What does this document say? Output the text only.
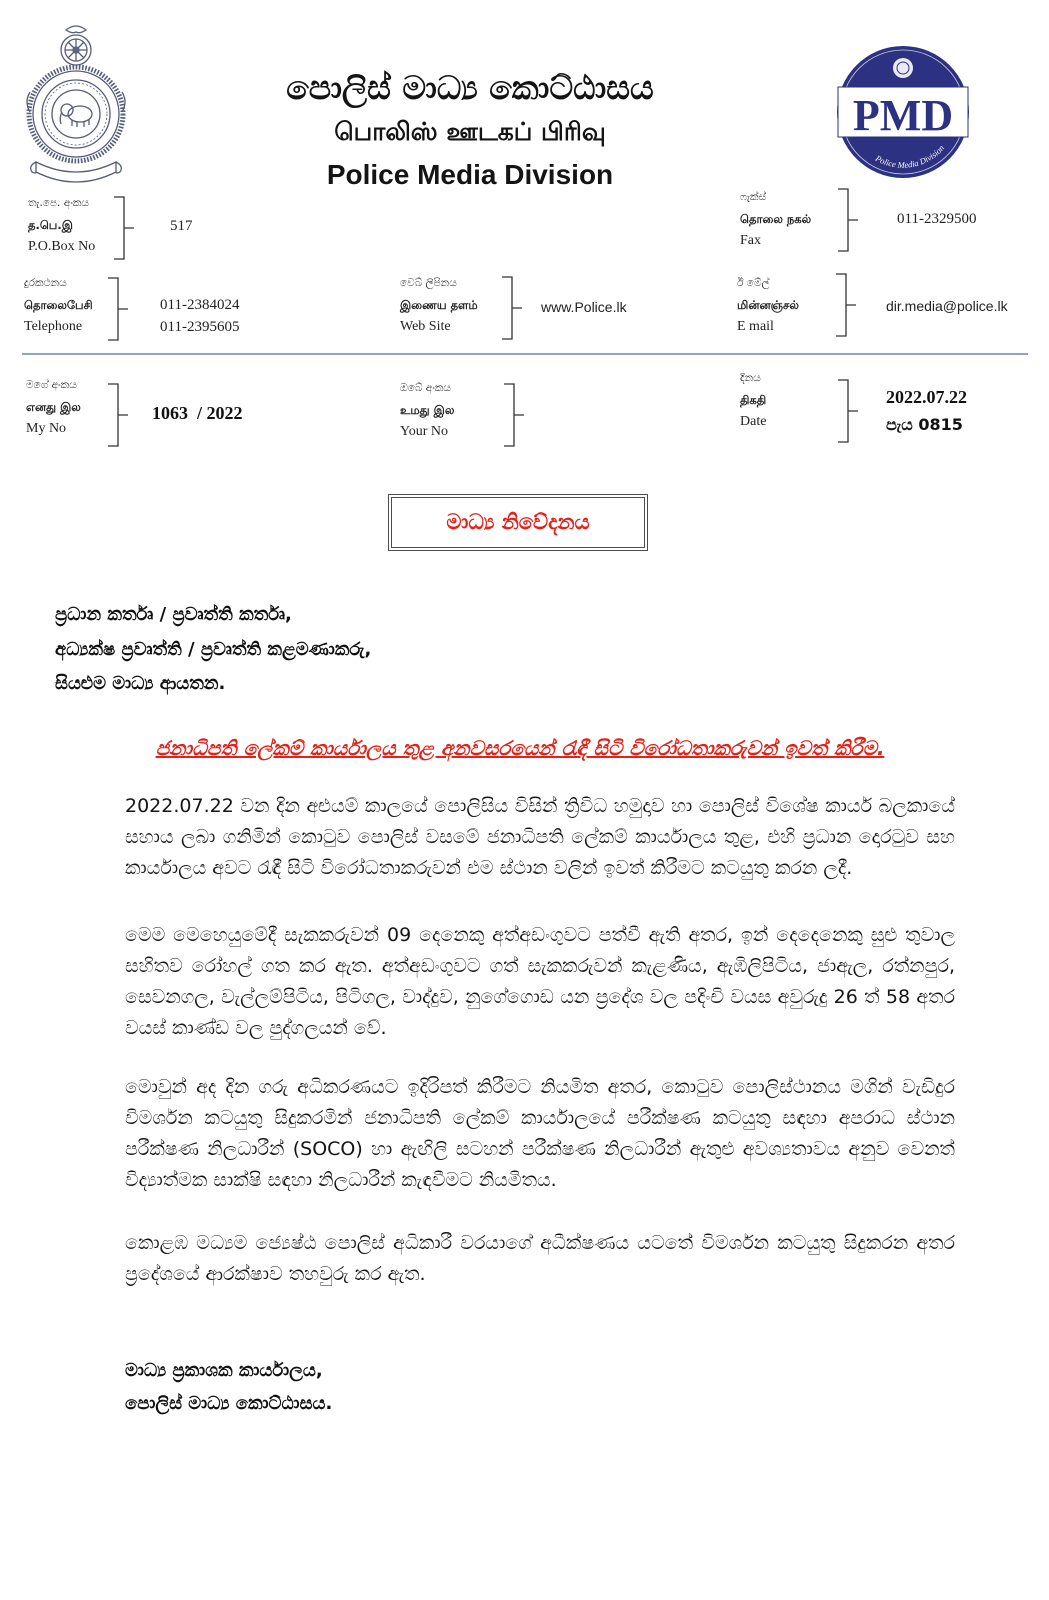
පොලිස් මාධ්‍ය කොට්ඨාසය
பொலிஸ் ஊடகப் பிரிவு
Police Media Division
PMD
Police Media Division
තැ.පෙ. අංකය
த.பெ.இ
P.O.Box No
517
ෆැක්ස්
தொலை நகல்
Fax
011-2329500
දුරකථනය
தொலைபேசி
Telephone
011-2384024
011-2395605
වෙබ් ලිපිනය
இணைய தளம்
Web Site
www.Police.lk
ඊ මේල්
மின்னஞ்சல்
E mail
dir.media@police.lk
මගේ අංකය
எனது இல
My No
1063  / 2022
ඔබේ අංකය
உமது இல
Your No
දිනය
திகதி
Date
2022.07.22
පැය 0815
මාධ්‍ය නිවේදනය
ප්‍රධාන කර්තෘ / ප්‍රවෘත්ති කර්තෘ,
අධ්‍යක්ෂ ප්‍රවෘත්ති / ප්‍රවෘත්ති කළමණාකරු,
සියළුම මාධ්‍ය ආයතන.
ජනාධිපති ලේකම් කාර්යාලය තුළ අනවසරයෙන් රැඳී සිටි විරෝධතාකරුවන් ඉවත් කිරීම.
2022.07.22 වන දින අළුයම් කාලයේ පොලිසිය විසින් ත්‍රිවිධ හමුදාව හා පොලිස් විශේෂ කාර්ය බලකායේ සහාය ලබා ගනිමින් කොටුව පොලිස් වසමේ ජනාධිපති ලේකම් කාර්යාලය තුළ, එහි ප්‍රධාන දොරටුව සහ කාර්යාලය අවට රැඳී සිටි විරෝධතාකරුවන් එම ස්ථාන වලින් ඉවත් කිරීමට කටයුතු කරන ලදී.
මෙම මෙහෙයුමේදී සැකකරුවන් 09 දෙනෙකු අත්අඩංගුවට පත්වී ඇති අතර, ඉන් දෙදෙනෙකු සුළු තුවාල සහිතව රෝහල් ගත කර ඇත. අත්අඩංගුවට ගත් සැකකරුවන් කැළණිය, ඇඹිලිපිටිය, ජාඇල, රත්නපුර, සෙවනගල, වැල්ලම්පිටිය, පිටිගල, වාද්දුව, නුගේගොඩ යන ප්‍රදේශ වල පදිංචි වයස අවුරුදු 26 ත් 58 අතර වයස් කාණ්ඩ වල පුද්ගලයන් වේ.
මොවුන් අද දින ගරු අධිකරණයට ඉදිරිපත් කිරීමට නියමිත අතර, කොටුව පොලිස්ථානය මගින් වැඩිදුර විමර්ශන කටයුතු සිදුකරමින් ජනාධිපති ලේකම් කාර්යාලයේ පරීක්ෂණ කටයුතු සඳහා අපරාධ ස්ථාන පරීක්ෂණ නිලධාරීන් (SOCO) හා ඇඟිලි සටහන් පරීක්ෂණ නිලධාරීන් ඇතුළු අවශ්‍යතාවය අනුව වෙනත් විද්‍යාත්මක සාක්ෂි සඳහා නිලධාරීන් කැඳවීමට නියමිතය.
කොළඹ මධ්‍යම ජ්‍යෙෂ්ඨ පොලිස් අධිකාරී වරයාගේ අධීක්ෂණය යටතේ විමර්ශන කටයුතු සිදුකරන අතර ප්‍රදේශයේ ආරක්ෂාව තහවුරු කර ඇත.
මාධ්‍ය ප්‍රකාශක කාර්යාලය,
පොලිස් මාධ්‍ය කොට්ඨාසය.
